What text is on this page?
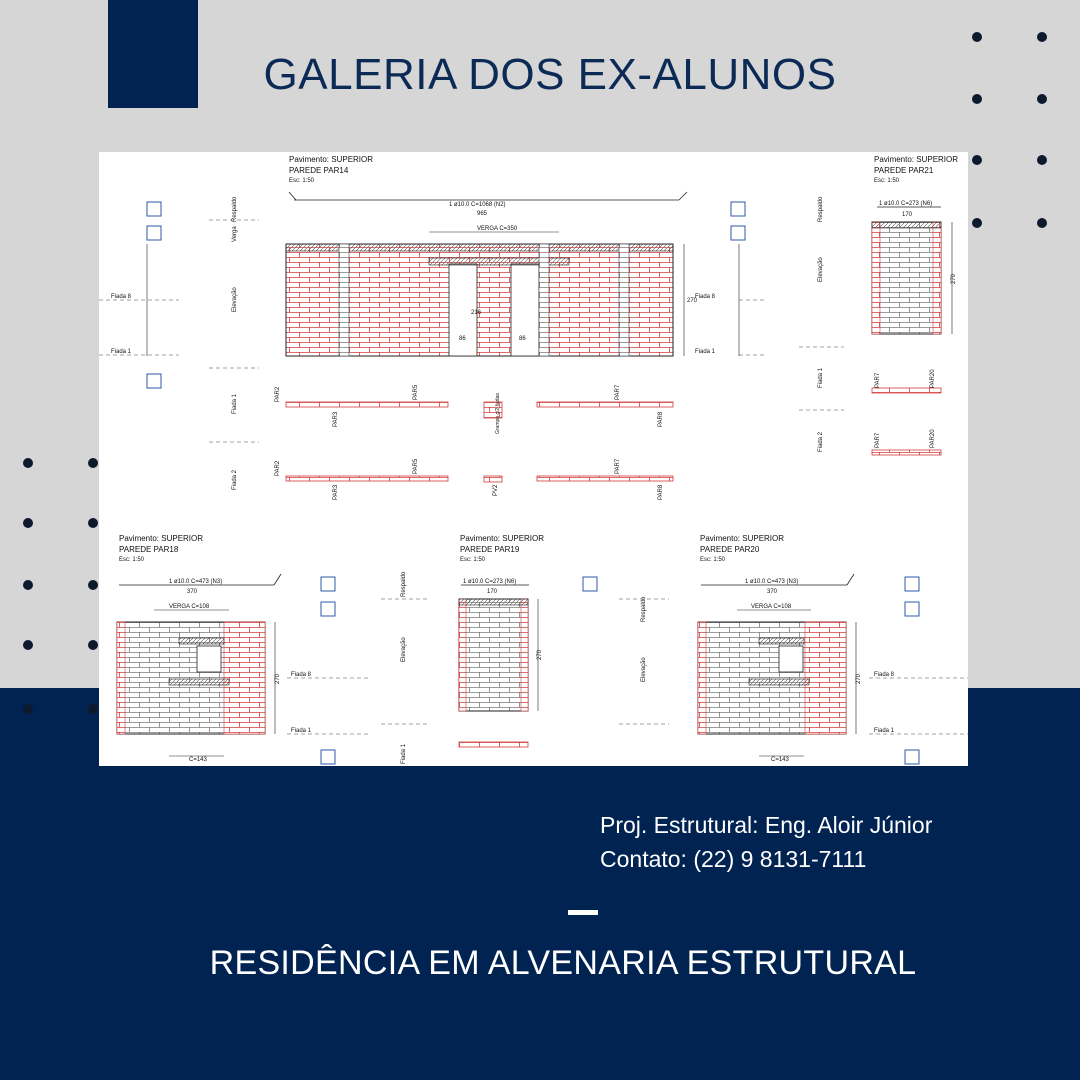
GALERIA DOS EX-ALUNOS
Pavimento: SUPERIOR
PAREDE PAR14
Esc: 1:50
1 ø10.0 C=1068 (N2)
965
VERGA C=350
86	86
216
270
Fiada 8
Fiada 1
PAR2
PAR3
PAR5	PAR7
PAR8
PAR2
PAR3
PAR5	PAR7
PAR8
PV2
Grampo c/2 fiadas
Fiada 8
Fiada 1
Verga
Respaldo
Elevação
Fiada 1
Fiada 2
Respaldo
Elevação
Fiada 1
Fiada 2
Pavimento: SUPERIOR
PAREDE PAR21
Esc: 1:50
1 ø10.0 C=273 (N6)
170
270
PAR7	PAR20
PAR7	PAR20
Pavimento: SUPERIOR
PAREDE PAR18
Esc: 1:50
1 ø10.0 C=473 (N3)
370
VERGA C=108
270 Fiada 8
Fiada 1
C=143
Respaldo
Elevação
Fiada 1
Pavimento: SUPERIOR
PAREDE PAR19
Esc: 1:50
1 ø10.0 C=273 (N6)
170
270
Respaldo
Elevação
Pavimento: SUPERIOR
PAREDE PAR20
Esc: 1:50
1 ø10.0 C=473 (N3)
370
VERGA C=108
270 Fiada 8
Fiada 1
C=143
Proj. Estrutural: Eng. Aloir Júnior
Contato: (22) 9 8131-7111
RESIDÊNCIA EM ALVENARIA ESTRUTURAL
